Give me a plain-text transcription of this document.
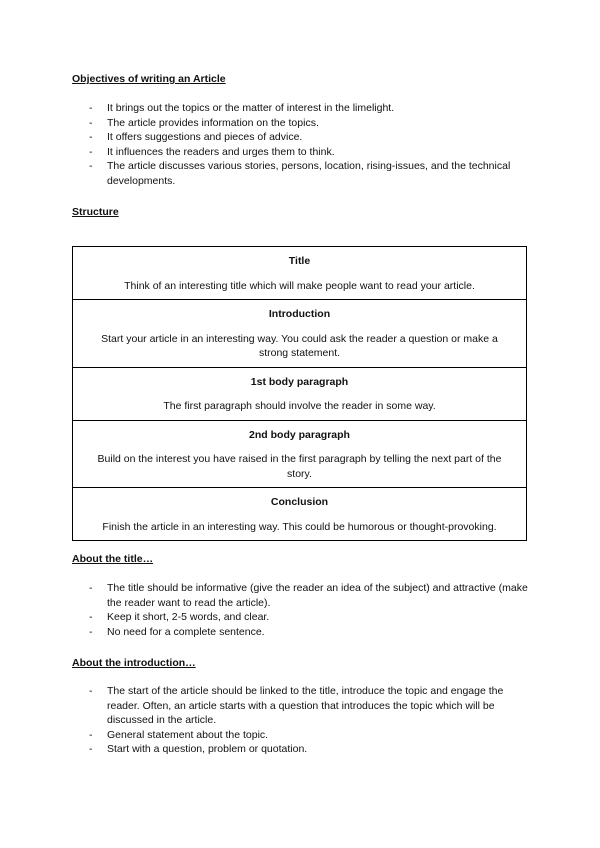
Objectives of writing an Article
- It brings out the topics or the matter of interest in the limelight.
- The article provides information on the topics.
- It offers suggestions and pieces of advice.
- It influences the readers and urges them to think.
- The article discusses various stories, persons, location, rising-issues, and the technical developments.
Structure
Title
Think of an interesting title which will make people want to read your article.

Introduction
Start your article in an interesting way. You could ask the reader a question or make a strong statement.

1st body paragraph
The first paragraph should involve the reader in some way.

2nd body paragraph
Build on the interest you have raised in the first paragraph by telling the next part of the story.

Conclusion
Finish the article in an interesting way. This could be humorous or thought-provoking.
About the title…
- The title should be informative (give the reader an idea of the subject) and attractive (make the reader want to read the article).
- Keep it short, 2-5 words, and clear.
- No need for a complete sentence.
About the introduction…
- The start of the article should be linked to the title, introduce the topic and engage the reader. Often, an article starts with a question that introduces the topic which will be discussed in the article.
- General statement about the topic.
- Start with a question, problem or quotation.
